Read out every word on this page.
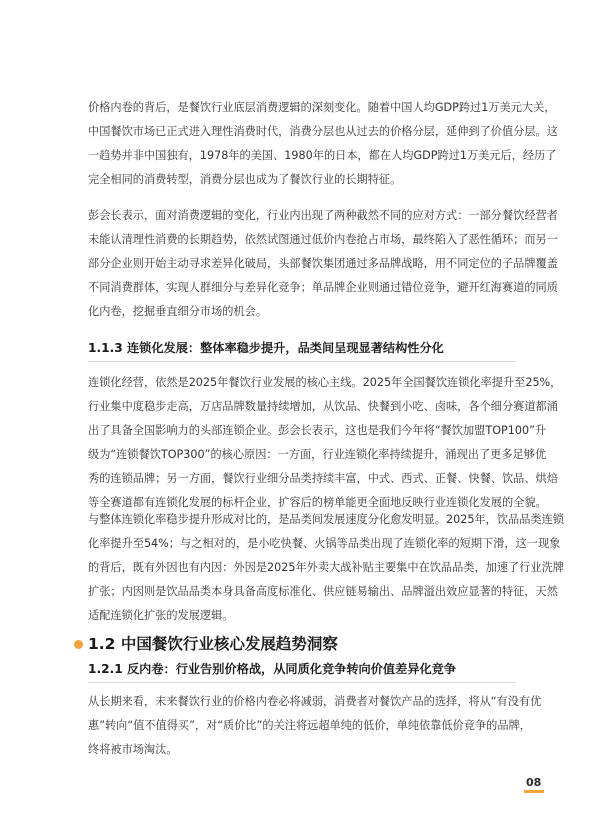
价格内卷的背后，是餐饮行业底层消费逻辑的深刻变化。随着中国人均GDP跨过1万美元大关，
中国餐饮市场已正式进入理性消费时代，消费分层也从过去的价格分层，延伸到了价值分层。这
一趋势并非中国独有，1978年的美国、1980年的日本，都在人均GDP跨过1万美元后，经历了
完全相同的消费转型，消费分层也成为了餐饮行业的长期特征。
彭会长表示，面对消费逻辑的变化，行业内出现了两种截然不同的应对方式：一部分餐饮经营者
未能认清理性消费的长期趋势，依然试图通过低价内卷抢占市场，最终陷入了恶性循环；而另一
部分企业则开始主动寻求差异化破局，头部餐饮集团通过多品牌战略，用不同定位的子品牌覆盖
不同消费群体，实现人群细分与差异化竞争；单品牌企业则通过错位竞争，避开红海赛道的同质
化内卷，挖掘垂直细分市场的机会。
1.1.3 连锁化发展：整体率稳步提升，品类间呈现显著结构性分化
连锁化经营，依然是2025年餐饮行业发展的核心主线。2025年全国餐饮连锁化率提升至25%，
行业集中度稳步走高，万店品牌数量持续增加，从饮品、快餐到小吃、卤味，各个细分赛道都涌
出了具备全国影响力的头部连锁企业。彭会长表示，这也是我们今年将“餐饮加盟TOP100”升
级为“连锁餐饮TOP300”的核心原因：一方面，行业连锁化率持续提升，涌现出了更多足够优
秀的连锁品牌；另一方面，餐饮行业细分品类持续丰富，中式、西式、正餐、快餐、饮品、烘焙
等全赛道都有连锁化发展的标杆企业，扩容后的榜单能更全面地反映行业连锁化发展的全貌。
与整体连锁化率稳步提升形成对比的，是品类间发展速度分化愈发明显。2025年，饮品品类连锁
化率提升至54%；与之相对的，是小吃快餐、火锅等品类出现了连锁化率的短期下滑，这一现象
的背后，既有外因也有内因：外因是2025年外卖大战补贴主要集中在饮品品类，加速了行业洗牌
扩张；内因则是饮品品类本身具备高度标准化、供应链易输出、品牌溢出效应显著的特征，天然
适配连锁化扩张的发展逻辑。
1.2 中国餐饮行业核心发展趋势洞察
1.2.1 反内卷：行业告别价格战，从同质化竞争转向价值差异化竞争
从长期来看，未来餐饮行业的价格内卷必将减弱，消费者对餐饮产品的选择，将从“有没有优
惠”转向“值不值得买”，对“质价比”的关注将远超单纯的低价，单纯依靠低价竞争的品牌，
终将被市场淘汰。
08
